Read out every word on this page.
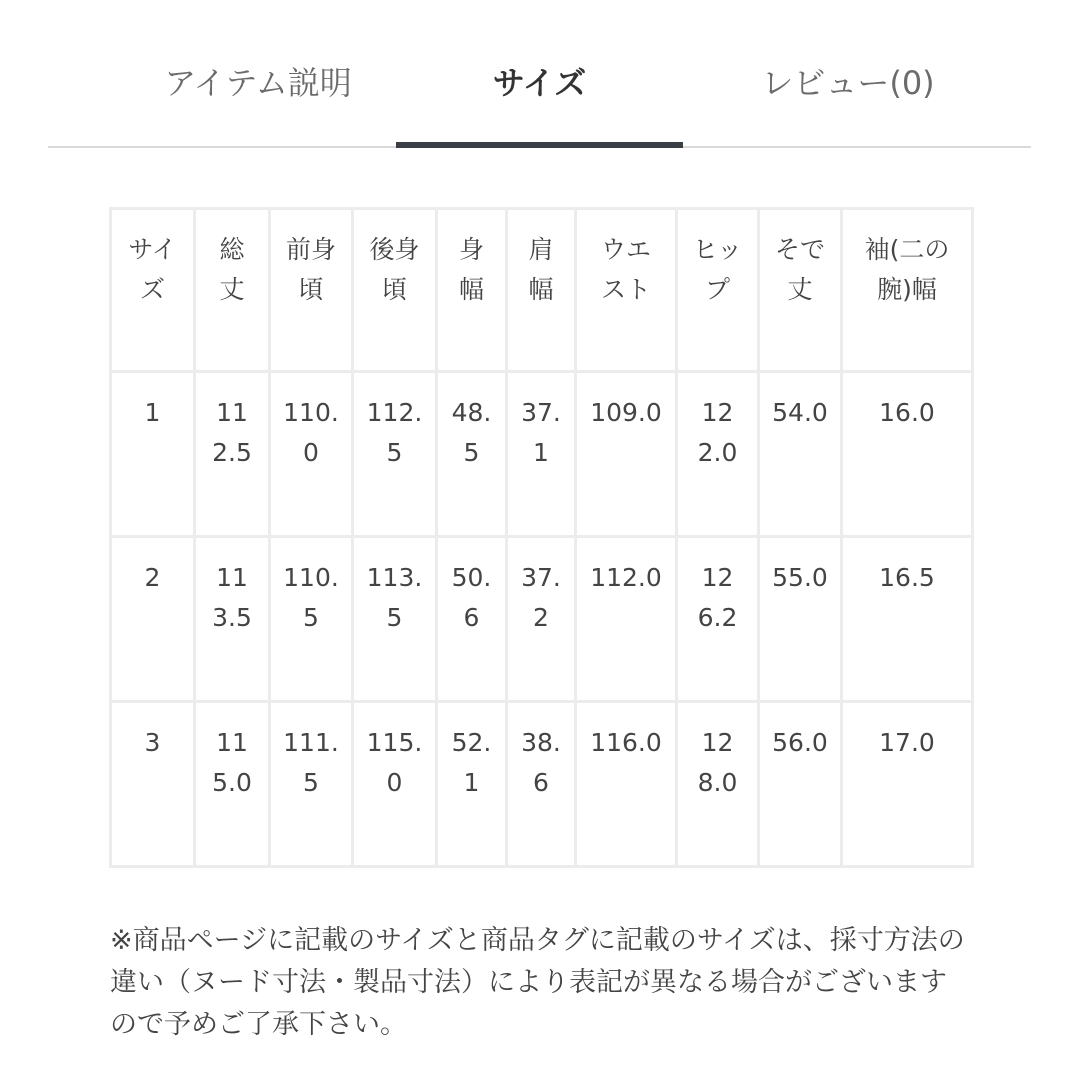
アイテム説明	サイズ	レビュー(0)
サイズ	総丈	前身頃	後身頃	身幅	肩幅	ウエスト	ヒップ	そで丈	袖(二の腕)幅
1	112.5	110.0	112.5	48.5	37.1	109.0	122.0	54.0	16.0
2	113.5	110.5	113.5	50.6	37.2	112.0	126.2	55.0	16.5
3	115.0	111.5	115.0	52.1	38.6	116.0	128.0	56.0	17.0
※商品ページに記載のサイズと商品タグに記載のサイズは、採寸方法の違い（ヌード寸法・製品寸法）により表記が異なる場合がございますので予めご了承下さい。
